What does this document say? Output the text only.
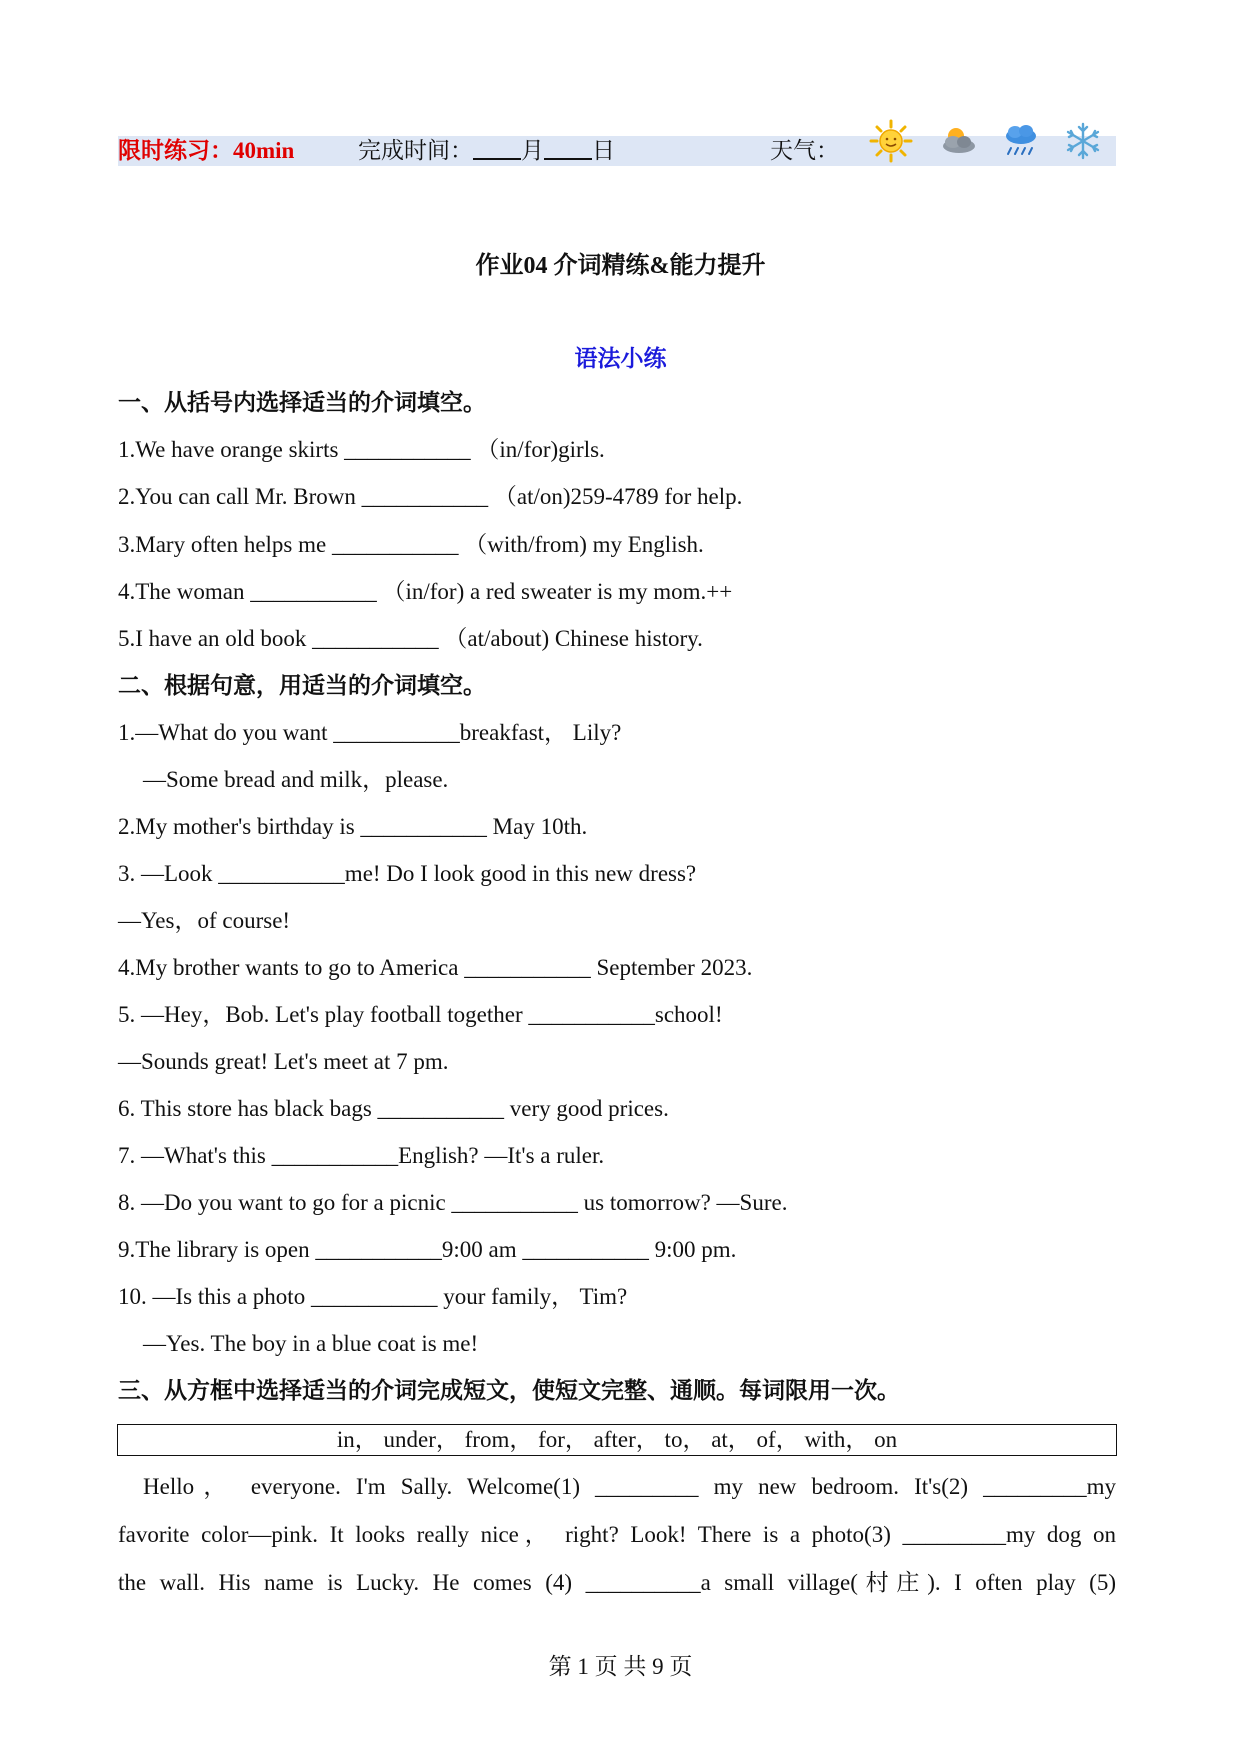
限时练习：40min	完成时间： 月 日	天气：
作业04 介词精练&能力提升
语法小练
一、从括号内选择适当的介词填空。
1.We have orange skirts ___________ （in/for)girls.
2.You can call Mr. Brown ___________ （at/on)259-4789 for help.
3.Mary often helps me ___________ （with/from) my English.
4.The woman ___________ （in/for) a red sweater is my mom.++
5.I have an old book ___________ （at/about) Chinese history.
二、根据句意，用适当的介词填空。
1.—What do you want ___________breakfast， Lily?
—Some bread and milk，please.
2.My mother's birthday is ___________ May 10th.
3. —Look ___________me! Do I look good in this new dress?
—Yes，of course!
4.My brother wants to go to America ___________ September 2023.
5. —Hey，Bob. Let's play football together ___________school!
—Sounds great! Let's meet at 7 pm.
6. This store has black bags ___________ very good prices.
7. —What's this ___________English? —It's a ruler.
8. —Do you want to go for a picnic ___________ us tomorrow? —Sure.
9.The library is open ___________9:00 am ___________ 9:00 pm.
10. —Is this a photo ___________ your family， Tim?
—Yes. The boy in a blue coat is me!
三、从方框中选择适当的介词完成短文，使短文完整、通顺。每词限用一次。
in， under， from， for， after， to， at， of， with， on
Hello， everyone. I'm Sally. Welcome(1) _________ my new bedroom. It's(2) _________my
favorite color—pink. It looks really nice， right? Look! There is a photo(3) _________my dog on
the wall. His name is Lucky. He comes (4) __________a small village(村庄). I often play (5)
第 1 页 共 9 页
